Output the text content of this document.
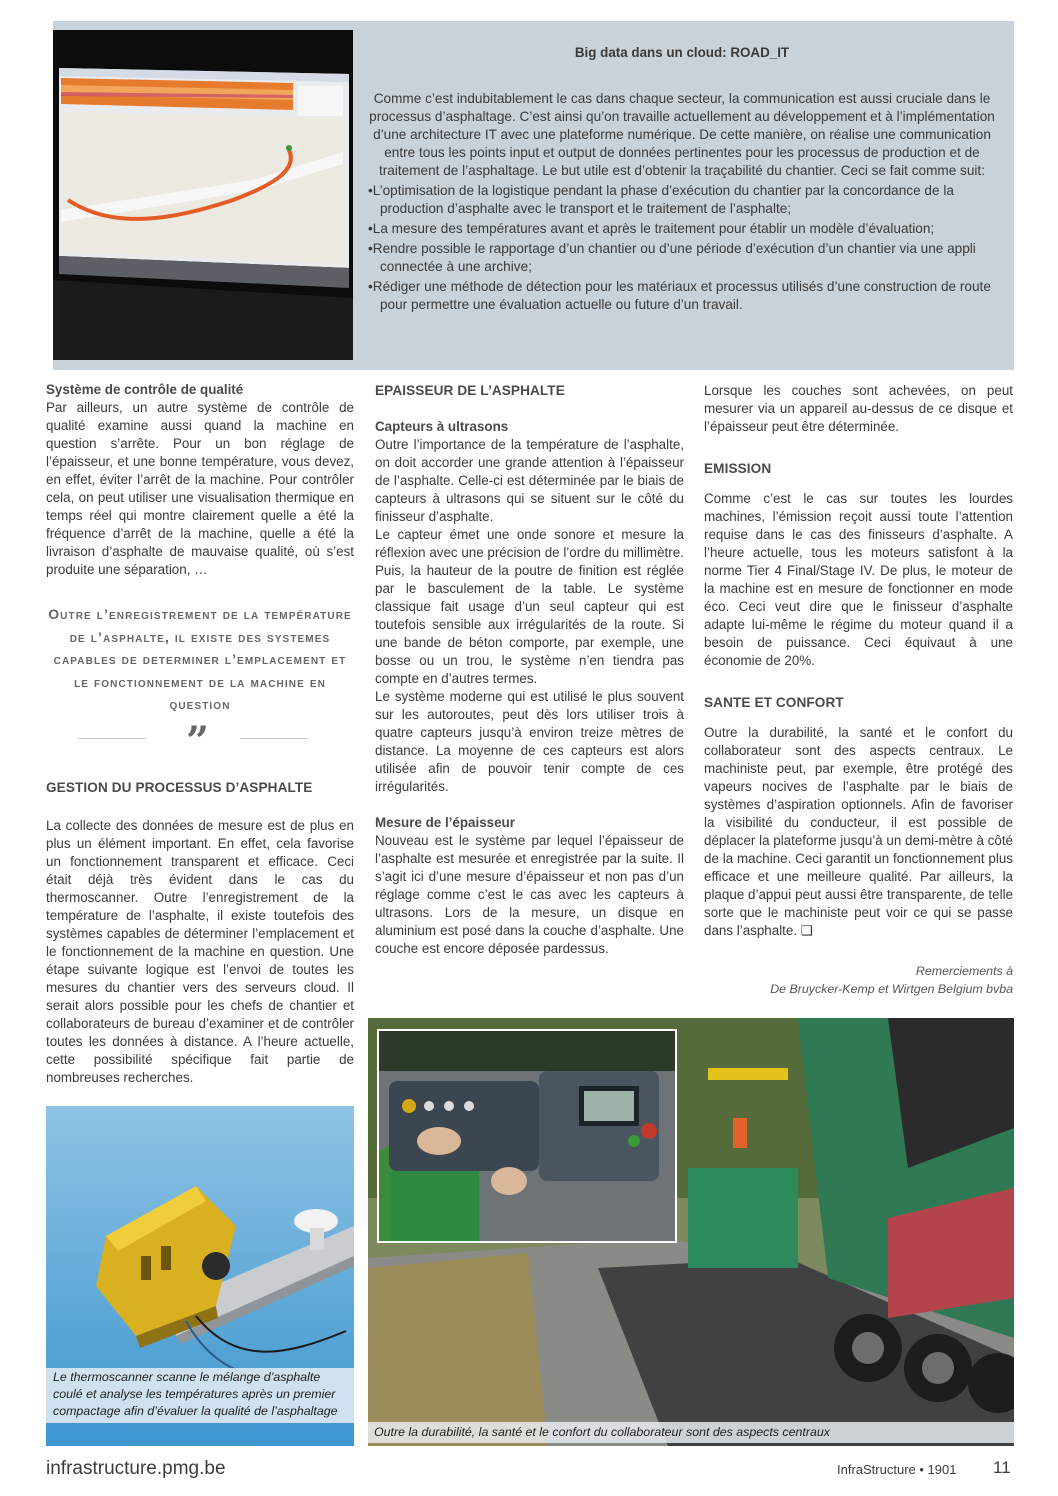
Big data dans un cloud: ROAD_IT

Comme c’est indubitablement le cas dans chaque secteur, la communication est aussi cruciale dans le processus d’asphaltage. C’est ainsi qu’on travaille actuellement au développement et à l’implémentation d’une architecture IT avec une plateforme numérique. De cette manière, on réalise une communication entre tous les points input et output de données pertinentes pour les processus de production et de traitement de l’asphaltage. Le but utile est d’obtenir la traçabilité du chantier. Ceci se fait comme suit:

•L’optimisation de la logistique pendant la phase d’exécution du chantier par la concordance de la production d’asphalte avec le transport et le traitement de l’asphalte;

•La mesure des températures avant et après le traitement pour établir un modèle d’évaluation;

•Rendre possible le rapportage d’un chantier ou d’une période d’exécution d’un chantier via une appli connectée à une archive;

•Rédiger une méthode de détection pour les matériaux et processus utilisés d’une construction de route pour permettre une évaluation actuelle ou future d’un travail.

Système de contrôle de qualité

Par ailleurs, un autre système de contrôle de qualité examine aussi quand la machine en question s’arrête. Pour un bon réglage de l’épaisseur, et une bonne température, vous devez, en effet, éviter l’arrêt de la machine. Pour contrôler cela, on peut utiliser une visualisation thermique en temps réel qui montre clairement quelle a été la fréquence d’arrêt de la machine, quelle a été la livraison d’asphalte de mauvaise qualité, où s’est produite une séparation, …

Outre l’enregistrement de la température de l’asphalte, il existe des systemes capables de determiner l’emplacement et le fonctionnement de la machine en question
”
GESTION DU PROCESSUS D’ASPHALTE

La collecte des données de mesure est de plus en plus un élément important. En effet, cela favorise un fonctionnement transparent et efficace. Ceci était déjà très évident dans le cas du thermoscanner. Outre l’enregistrement de la température de l’asphalte, il existe toutefois des systèmes capables de déterminer l’emplacement et le fonctionnement de la machine en question. Une étape suivante logique est l’envoi de toutes les mesures du chantier vers des serveurs cloud. Il serait alors possible pour les chefs de chantier et collaborateurs de bureau d’examiner et de contrôler toutes les données à distance. A l’heure actuelle, cette possibilité spécifique fait partie de nombreuses recherches.

EPAISSEUR DE L’ASPHALTE
Capteurs à ultrasons

Outre l’importance de la température de l’asphalte, on doit accorder une grande attention à l’épaisseur de l’asphalte. Celle-ci est déterminée par le biais de capteurs à ultrasons qui se situent sur le côté du finisseur d’asphalte.

Le capteur émet une onde sonore et mesure la réflexion avec une précision de l’ordre du millimètre.

Puis, la hauteur de la poutre de finition est réglée par le basculement de la table. Le système classique fait usage d’un seul capteur qui est toutefois sensible aux irrégularités de la route. Si une bande de béton comporte, par exemple, une bosse ou un trou, le système n’en tiendra pas compte en d’autres termes.

Le système moderne qui est utilisé le plus souvent sur les autoroutes, peut dès lors utiliser trois à quatre capteurs jusqu’à environ treize mètres de distance. La moyenne de ces capteurs est alors utilisée afin de pouvoir tenir compte de ces irrégularités.

Mesure de l’épaisseur

Nouveau est le système par lequel l’épaisseur de l’asphalte est mesurée et enregistrée par la suite. Il s’agit ici d’une mesure d’épaisseur et non pas d’un réglage comme c’est le cas avec les capteurs à ultrasons. Lors de la mesure, un disque en aluminium est posé dans la couche d’asphalte. Une couche est encore déposée pardessus.

Lorsque les couches sont achevées, on peut mesurer via un appareil au-dessus de ce disque et l’épaisseur peut être déterminée.

EMISSION

Comme c’est le cas sur toutes les lourdes machines, l’émission reçoit aussi toute l’attention requise dans le cas des finisseurs d’asphalte. A l’heure actuelle, tous les moteurs satisfont à la norme Tier 4 Final/Stage IV. De plus, le moteur de la machine est en mesure de fonctionner en mode éco. Ceci veut dire que le finisseur d’asphalte adapte lui-même le régime du moteur quand il a besoin de puissance. Ceci équivaut à une économie de 20%.

SANTE ET CONFORT

Outre la durabilité, la santé et le confort du collaborateur sont des aspects centraux. Le machiniste peut, par exemple, être protégé des vapeurs nocives de l’asphalte par le biais de systèmes d’aspiration optionnels. Afin de favoriser la visibilité du conducteur, il est possible de déplacer la plateforme jusqu’à un demi-mètre à côté de la machine. Ceci garantit un fonctionnement plus efficace et une meilleure qualité. Par ailleurs, la plaque d’appui peut aussi être transparente, de telle sorte que le machiniste peut voir ce qui se passe dans l’asphalte. ❑

Remerciements à
De Bruycker-Kemp et Wirtgen Belgium bvba
Le thermoscanner scanne le mélange d’asphalte coulé et analyse les températures après un premier compactage afin d’évaluer la qualité de l’asphaltage
Outre la durabilité, la santé et le confort du collaborateur sont des aspects centraux
infrastructure.pmg.be	InfraStructure • 1901 11
